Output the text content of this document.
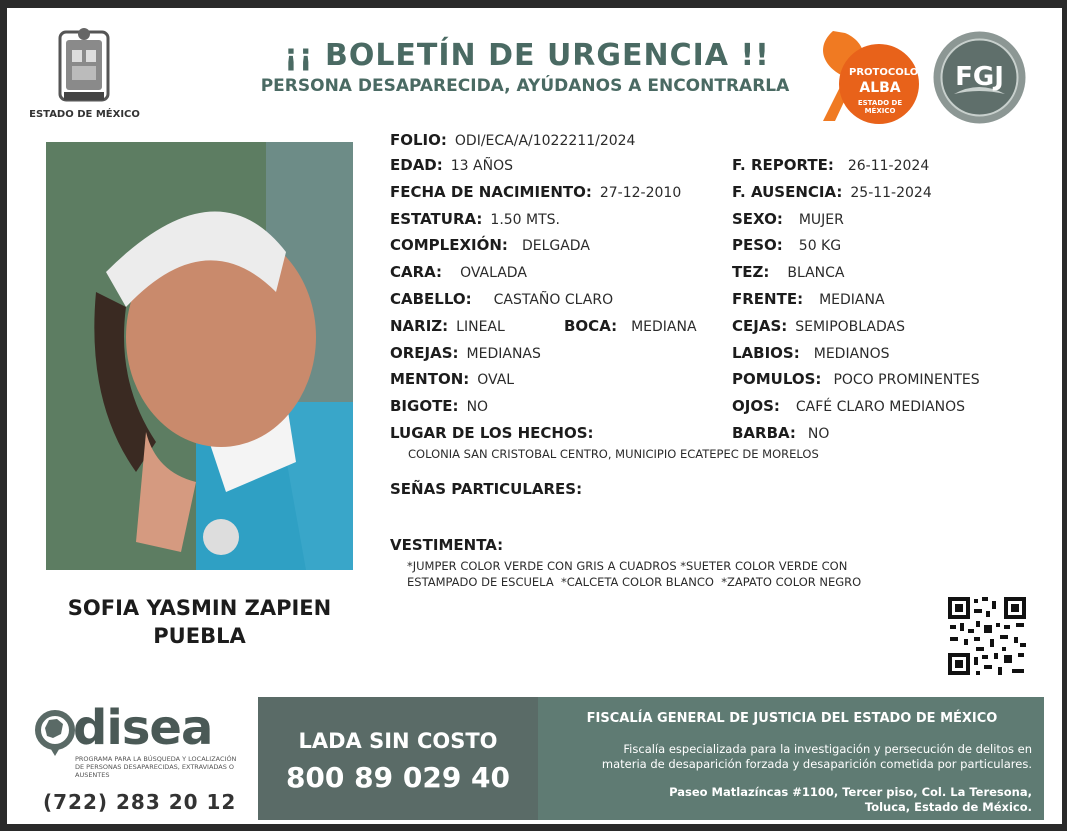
ESTADO DE MÉXICO
¡¡ BOLETÍN DE URGENCIA !!
PERSONA DESAPARECIDA, AYÚDANOS A ENCONTRARLA
PROTOCOLO
ALBA
ESTADO DE MÉXICO
FGJ
SOFIA YASMIN ZAPIEN
PUEBLA
FOLIO: ODI/ECA/A/1022211/2024
EDAD: 13 AÑOS
FECHA DE NACIMIENTO: 27-12-2010
ESTATURA: 1.50 MTS.
COMPLEXIÓN: DELGADA
CARA: OVALADA
CABELLO: CASTAÑO CLARO
NARIZ: LINEAL	BOCA: MEDIANA
OREJAS: MEDIANAS
MENTON: OVAL
BIGOTE: NO
LUGAR DE LOS HECHOS:
COLONIA SAN CRISTOBAL CENTRO, MUNICIPIO ECATEPEC DE MORELOS
F. REPORTE: 26-11-2024
F. AUSENCIA: 25-11-2024
SEXO: MUJER
PESO: 50 KG
TEZ: BLANCA
FRENTE: MEDIANA
CEJAS: SEMIPOBLADAS
LABIOS: MEDIANOS
POMULOS: POCO PROMINENTES
OJOS: CAFÉ CLARO MEDIANOS
BARBA: NO
SEÑAS PARTICULARES:
VESTIMENTA:
*JUMPER COLOR VERDE CON GRIS A CUADROS *SUETER COLOR VERDE CON
ESTAMPADO DE ESCUELA  *CALCETA COLOR BLANCO  *ZAPATO COLOR NEGRO
disea
PROGRAMA PARA LA BÚSQUEDA Y LOCALIZACIÓN DE PERSONAS DESAPARECIDAS, EXTRAVIADAS O AUSENTES
(722) 283 20 12
LADA SIN COSTO
800 89 029 40
FISCALÍA GENERAL DE JUSTICIA DEL ESTADO DE MÉXICO
Fiscalía especializada para la investigación y persecución de delitos en
materia de desaparición forzada y desaparición cometida por particulares.
Paseo Matlazíncas #1100, Tercer piso, Col. La Teresona,
Toluca, Estado de México.
